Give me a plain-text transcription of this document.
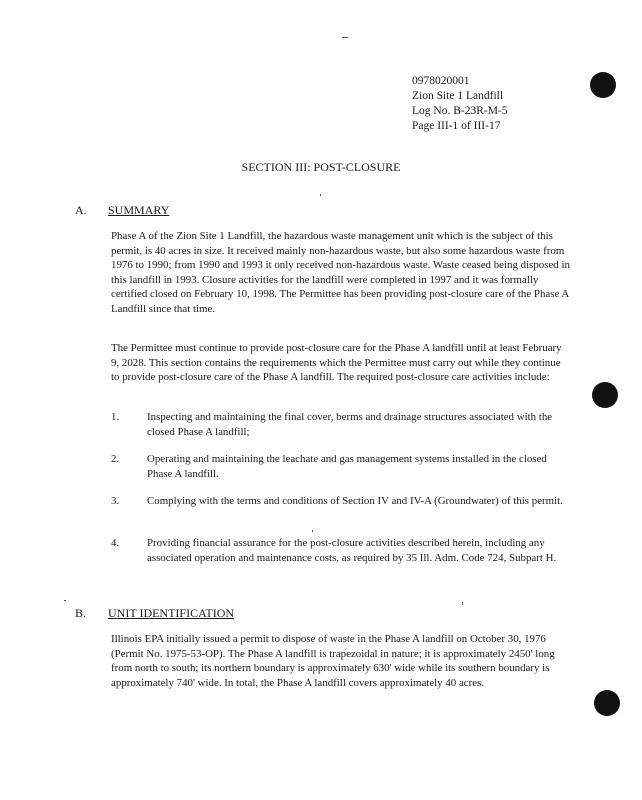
0978020001
Zion Site 1 Landfill
Log No. B-23R-M-5
Page III-1 of III-17
SECTION III: POST-CLOSURE
A. SUMMARY

Phase A of the Zion Site 1 Landfill, the hazardous waste management unit which is the subject of this permit, is 40 acres in size. It received mainly non-hazardous waste, but also some hazardous waste from 1976 to 1990; from 1990 and 1993 it only received non-hazardous waste. Waste ceased being disposed in this landfill in 1993. Closure activities for the landfill were completed in 1997 and it was formally certified closed on February 10, 1998. The Permittee has been providing post-closure care of the Phase A Landfill since that time.

The Permittee must continue to provide post-closure care for the Phase A landfill until at least February 9, 2028. This section contains the requirements which the Permittee must carry out while they continue to provide post-closure care of the Phase A landfill. The required post-closure care activities include:

1.	Inspecting and maintaining the final cover, berms and drainage structures associated with the closed Phase A landfill;
2.	Operating and maintaining the leachate and gas management systems installed in the closed Phase A landfill.
3.	Complying with the terms and conditions of Section IV and IV-A (Groundwater) of this permit.
4.	Providing financial assurance for the post-closure activities described herein, including any associated operation and maintenance costs, as required by 35 Ill. Adm. Code 724, Subpart H.
B. UNIT IDENTIFICATION

Illinois EPA initially issued a permit to dispose of waste in the Phase A landfill on October 30, 1976 (Permit No. 1975-53-OP). The Phase A landfill is trapezoidal in nature; it is approximately 2450' long from north to south; its northern boundary is approximately 630' wide while its southern boundary is approximately 740' wide. In total, the Phase A landfill covers approximately 40 acres.
